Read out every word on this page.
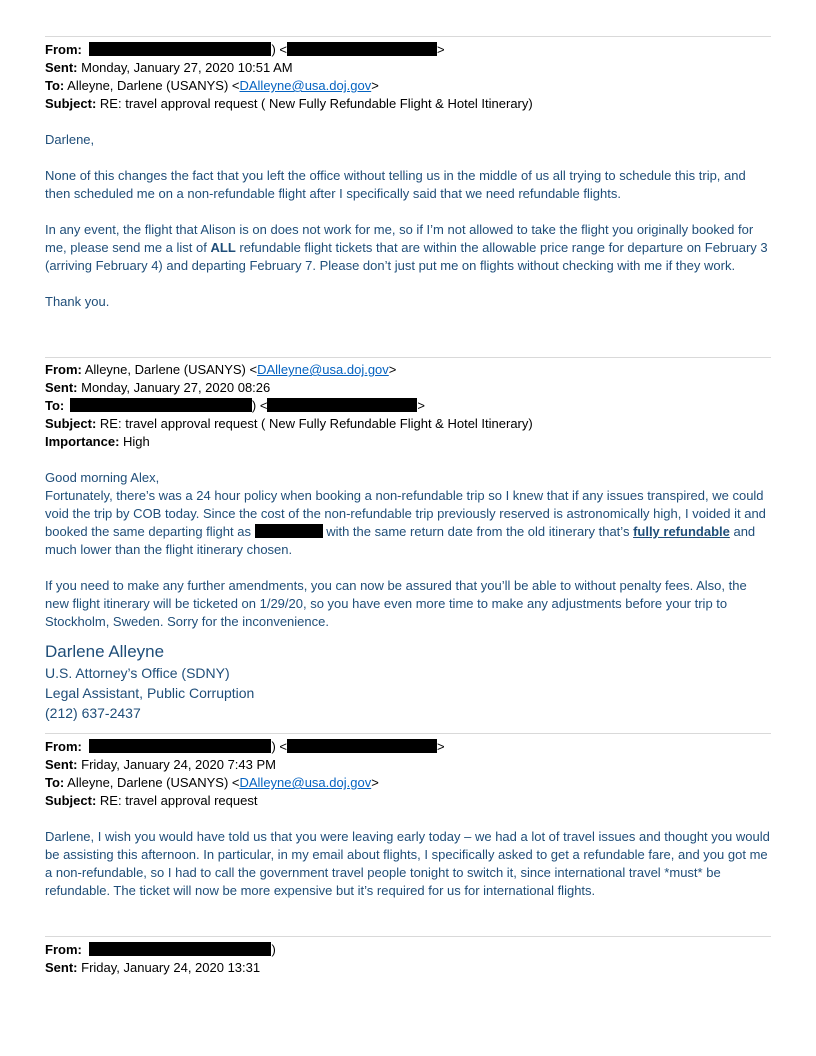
From:	) <	>
Sent: Monday, January 27, 2020 10:51 AM
To: Alleyne, Darlene (USANYS) <DAlleyne@usa.doj.gov>
Subject: RE: travel approval request ( New Fully Refundable Flight & Hotel Itinerary)

Darlene,

None of this changes the fact that you left the office without telling us in the middle of us all trying to schedule this trip, and then scheduled me on a non-refundable flight after I specifically said that we need refundable flights.

In any event, the flight that Alison is on does not work for me, so if I’m not allowed to take the flight you originally booked for me, please send me a list of ALL refundable flight tickets that are within the allowable price range for departure on February 3 (arriving February 4) and departing February 7. Please don’t just put me on flights without checking with me if they work.

Thank you.

From: Alleyne, Darlene (USANYS) <DAlleyne@usa.doj.gov>
Sent: Monday, January 27, 2020 08:26
To:	) <	>
Subject: RE: travel approval request ( New Fully Refundable Flight & Hotel Itinerary)
Importance: High

Good morning Alex,

Fortunately, there’s was a 24 hour policy when booking a non-refundable trip so I knew that if any issues transpired, we could void the trip by COB today. Since the cost of the non-refundable trip previously reserved is astronomically high, I voided it and booked the same departing flight as	with the same return date from the old itinerary that’s fully refundable and much lower than the flight itinerary chosen.

If you need to make any further amendments, you can now be assured that you’ll be able to without penalty fees. Also, the new flight itinerary will be ticketed on 1/29/20, so you have even more time to make any adjustments before your trip to Stockholm, Sweden. Sorry for the inconvenience.

Darlene Alleyne
U.S. Attorney’s Office (SDNY)
Legal Assistant, Public Corruption
(212) 637-2437
From:	) <	>
Sent: Friday, January 24, 2020 7:43 PM
To: Alleyne, Darlene (USANYS) <DAlleyne@usa.doj.gov>
Subject: RE: travel approval request

Darlene, I wish you would have told us that you were leaving early today – we had a lot of travel issues and thought you would be assisting this afternoon. In particular, in my email about flights, I specifically asked to get a refundable fare, and you got me a non-refundable, so I had to call the government travel people tonight to switch it, since international travel *must* be refundable. The ticket will now be more expensive but it’s required for us for international flights.

From:	)
Sent: Friday, January 24, 2020 13:31
